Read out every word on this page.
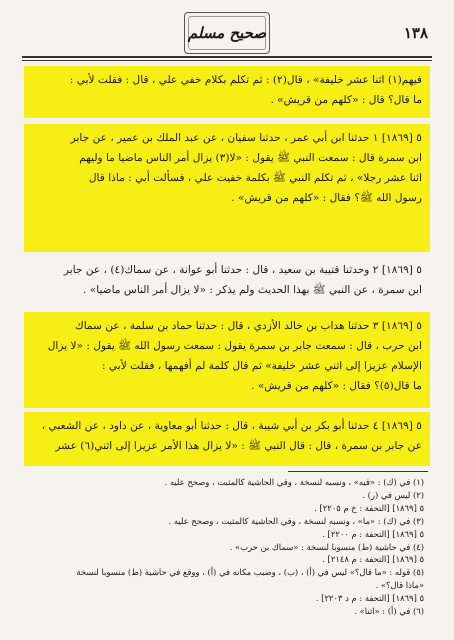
١٣٨
صحيح مسلم
فيهم‏(١) اثنا عشر خليفة» ، قال‏(٢) : ثم تكلم بكلام خفي علي ، قال : فقلت لأبي :
ما قال؟ قال : «كلهم من قريش» .
٥ [١٨٦٩] ١ حدثنا ابن أبي عمر ، حدثنا سفيان ، عن عبد الملك بن عمير ، عن جابر
ابن سمرة قال : سمعت النبي ﷺ يقول : «لا‏(٣) يزال أمر الناس ماضيا ما وليهم
اثنا عشر رجلا» ، ثم تكلم النبي ﷺ بكلمة خفيت علي ، فسألت أبي : ماذا قال
رسول الله ﷺ؟ فقال : «كلهم من قريش» .
٥ [١٨٦٩] ٢ وحدثنا قتيبة بن سعيد ، قال : حدثنا أبو عوانة ، عن سماك‏(٤) ، عن جابر
ابن سمرة ، عن النبي ﷺ بهذا الحديث ولم يذكر : «لا يزال أمر الناس ماضيا» .
٥ [١٨٦٩] ٣ حدثنا هداب بن خالد الأزدي ، قال : حدثنا حماد بن سلمة ، عن سماك
ابن حرب ، قال : سمعت جابر بن سمرة يقول : سمعت رسول الله ﷺ يقول : «لا يزال
الإسلام عزيزا إلى اثني عشر خليفة» ثم قال كلمة لم أفهمها ، فقلت لأبي :
ما قال‏(٥)؟ فقال : «كلهم من قريش» .
٥ [١٨٦٩] ٤ حدثنا أبو بكر بن أبي شيبة ، قال : حدثنا أبو معاوية ، عن داود ، عن الشعبي ،
عن جابر بن سمرة ، قال : قال النبي ﷺ : «لا يزال هذا الأمر عزيزا إلى اثني‏(٦) عشر
(١) في (ك) : «فيه» ، ونسبه لنسخة ، وفي الحاشية كالمثبت ، وصحح عليه .
(٢) ليس في (ر) .
٥ [١٨٦٩] [التحفة : خ م ٢٢٠٥] .
(٣) في (ك) : «ما» ، ونسبه لنسخة ، وفي الحاشية كالمثبت ، وصحح عليه .
٥ [١٨٦٩] [التحفة : م ٢٢٠٠] .
(٤) في حاشية (ط) منسوبا لنسخة : «سماك بن حرب» .
٥ [١٨٦٩] [التحفة : م ٢١٤٨] .
(٥) قوله : «ما قال؟» ليس في (أ) ، (ب) ، وضبب مكانه في (أ) ، ووقع في حاشية (ط) منسوبا لنسخة
«ماذا قال؟» .
٥ [١٨٦٩] [التحفة : م د ٢٢٠٣] .
(٦) في (أ) : «اثنا» .
